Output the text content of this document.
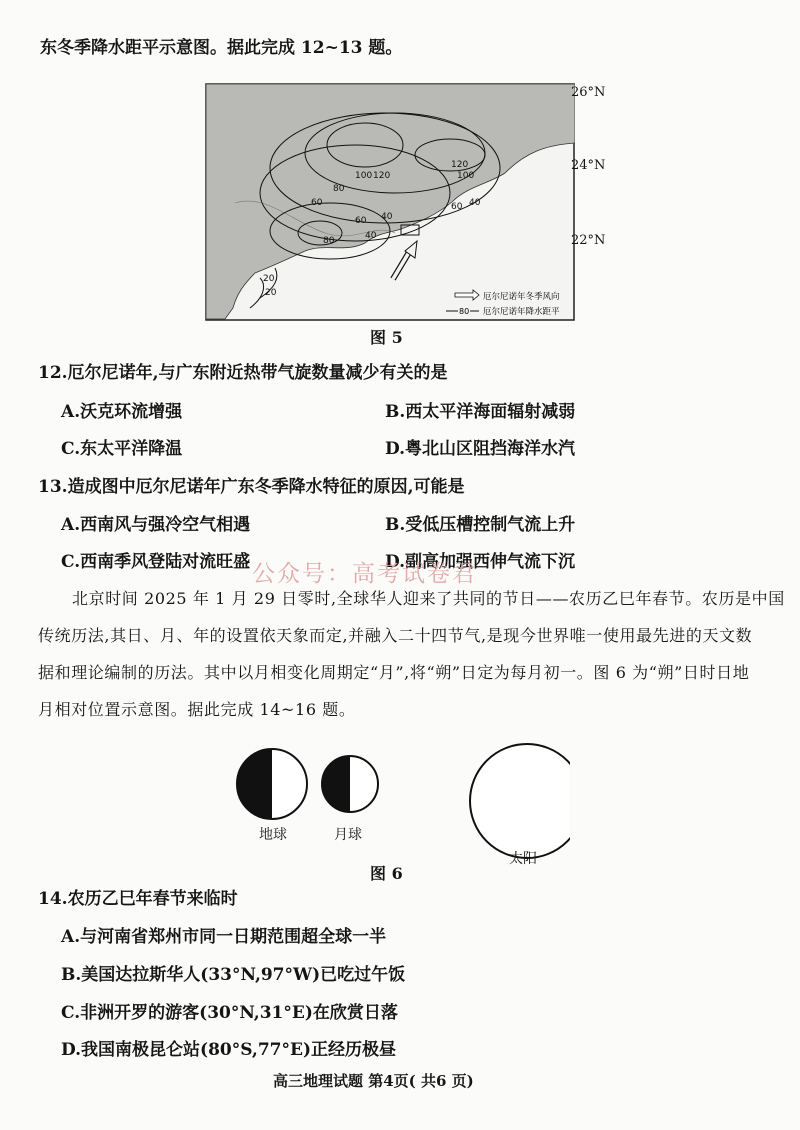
东冬季降水距平示意图。据此完成 12~13 题。
100 120
120
100
80
60	60
60
40
40
80
40
20
20	厄尔尼诺年冬季风向
80 厄尔尼诺年降水距平
26°N
24°N
22°N
图 5
12.厄尔尼诺年,与广东附近热带气旋数量减少有关的是
A.沃克环流增强	B.西太平洋海面辐射减弱
C.东太平洋降温	D.粤北山区阻挡海洋水汽
13.造成图中厄尔尼诺年广东冬季降水特征的原因,可能是
A.西南风与强冷空气相遇	B.受低压槽控制气流上升
C.西南季风登陆对流旺盛	D.副高加强西伸气流下沉
公众号：高考试卷君
北京时间 2025 年 1 月 29 日零时,全球华人迎来了共同的节日——农历乙巳年春节。农历是中国
传统历法,其日、月、年的设置依天象而定,并融入二十四节气,是现今世界唯一使用最先进的天文数
据和理论编制的历法。其中以月相变化周期定“月”,将“朔”日定为每月初一。图 6 为“朔”日时日地
月相对位置示意图。据此完成 14~16 题。
地球	月球
太阳
图 6
14.农历乙巳年春节来临时
A.与河南省郑州市同一日期范围超全球一半
B.美国达拉斯华人(33°N,97°W)已吃过午饭
C.非洲开罗的游客(30°N,31°E)在欣赏日落
D.我国南极昆仑站(80°S,77°E)正经历极昼
高三地理试题 第4页( 共6 页)
